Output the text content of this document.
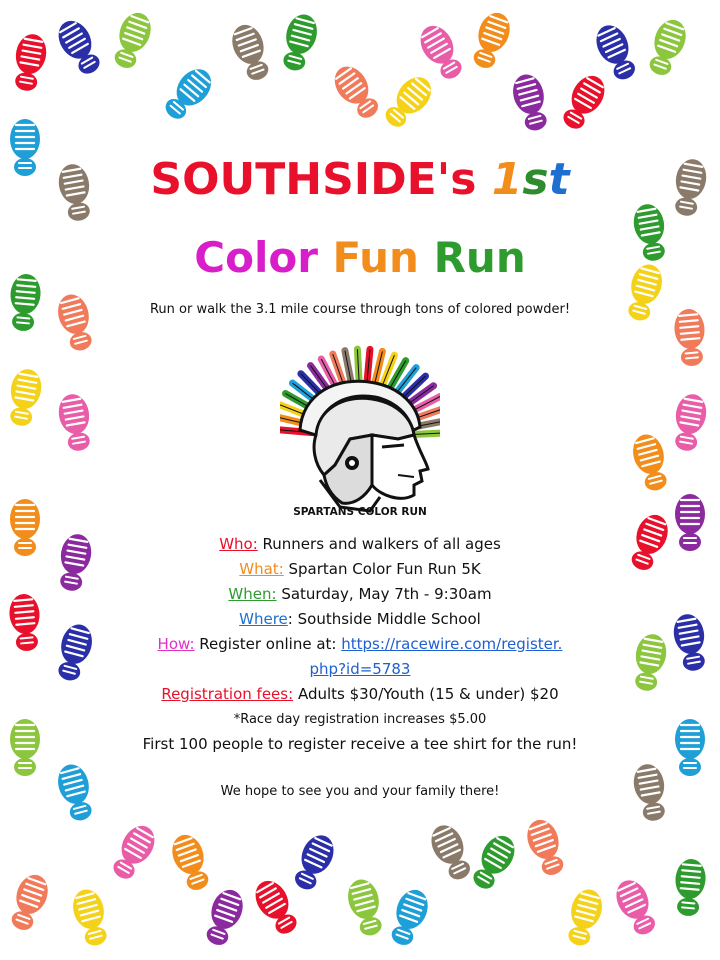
SOUTHSIDE's 1st
Color Fun Run
Run or walk the 3.1 mile course through tons of colored powder!
SPARTANS COLOR RUN
Who: Runners and walkers of all ages
What: Spartan Color Fun Run 5K
When: Saturday, May 7th - 9:30am
Where: Southside Middle School
How: Register online at: https://racewire.com/register.
php?id=5783
Registration fees: Adults $30/Youth (15 & under) $20
*Race day registration increases $5.00
First 100 people to register receive a tee shirt for the run!
We hope to see you and your family there!
